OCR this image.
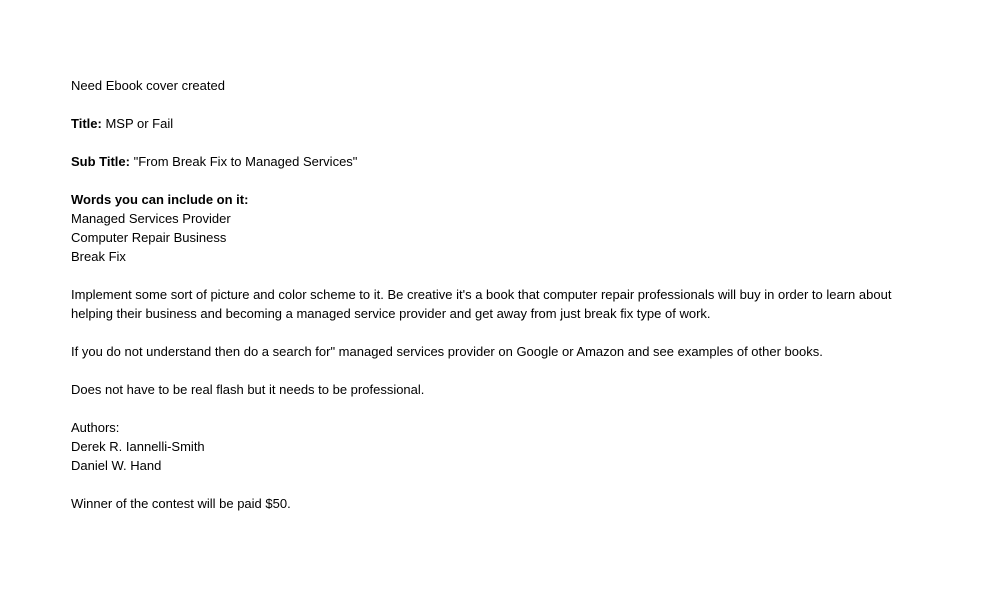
Need Ebook cover created
Title: MSP or Fail
Sub Title: "From Break Fix to Managed Services"
Words you can include on it:
Managed Services Provider
Computer Repair Business
Break Fix
Implement some sort of picture and color scheme to it. Be creative it's a book that computer repair professionals will buy in order to learn about helping their business and becoming a managed service provider and get away from just break fix type of work.
If you do not understand then do a search for" managed services provider on Google or Amazon and see examples of other books.
Does not have to be real flash but it needs to be professional.
Authors:
Derek R. Iannelli-Smith
Daniel W. Hand
Winner of the contest will be paid $50.
